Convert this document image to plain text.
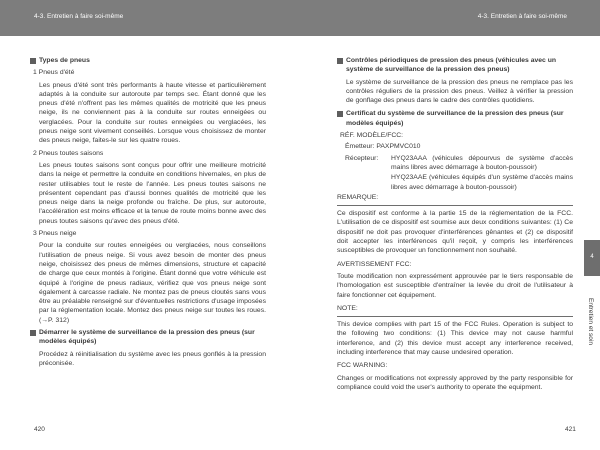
4-3. Entretien à faire soi-même	4-3. Entretien à faire soi-même
Types de pneus
1 Pneus d'été
Les pneus d'été sont très performants à haute vitesse et particulièrement adaptés à la conduite sur autoroute par temps sec. Étant donné que les pneus d'été n'offrent pas les mêmes qualités de motricité que les pneus neige, ils ne conviennent pas à la conduite sur routes enneigées ou verglacées. Pour la conduite sur routes enneigées ou verglacées, les pneus neige sont vivement conseillés. Lorsque vous choisissez de monter des pneus neige, faites-le sur les quatre roues.
2 Pneus toutes saisons
Les pneus toutes saisons sont conçus pour offrir une meilleure motricité dans la neige et permettre la conduite en conditions hivernales, en plus de rester utilisables tout le reste de l'année. Les pneus toutes saisons ne présentent cependant pas d'aussi bonnes qualités de motricité que les pneus neige dans la neige profonde ou fraîche. De plus, sur autoroute, l'accélération est moins efficace et la tenue de route moins bonne avec des pneus toutes saisons qu'avec des pneus d'été.
3 Pneus neige
Pour la conduite sur routes enneigées ou verglacées, nous conseillons l'utilisation de pneus neige. Si vous avez besoin de monter des pneus neige, choisissez des pneus de mêmes dimensions, structure et capacité de charge que ceux montés à l'origine. Étant donné que votre véhicule est équipé à l'origine de pneus radiaux, vérifiez que vos pneus neige sont également à carcasse radiale. Ne montez pas de pneus cloutés sans vous être au préalable renseigné sur d'éventuelles restrictions d'usage imposées par la réglementation locale. Montez des pneus neige sur toutes les roues. (→P. 312)
Démarrer le système de surveillance de la pression des pneus (sur modèles équipés)
Procédez à réinitialisation du système avec les pneus gonflés à la pression préconisée.
Contrôles périodiques de pression des pneus (véhicules avec un système de surveillance de la pression des pneus)
Le système de surveillance de la pression des pneus ne remplace pas les contrôles réguliers de la pression des pneus. Veillez à vérifier la pression de gonflage des pneus dans le cadre des contrôles quotidiens.
Certificat du système de surveillance de la pression des pneus (sur modèles équipés)
RÉF. MODÈLE/FCC:
Émetteur: PAXPMVC010
Récepteur:	HYQ23AAA (véhicules dépourvus de système d'accès mains libres avec démarrage à bouton-poussoir)
HYQ23AAE (véhicules équipés d'un système d'accès mains libres avec démarrage à bouton-poussoir)
REMARQUE:
Ce dispositif est conforme à la partie 15 de la réglementation de la FCC. L'utilisation de ce dispositif est soumise aux deux conditions suivantes: (1) Ce dispositif ne doit pas provoquer d'interférences gênantes et (2) ce dispositif doit accepter les interférences qu'il reçoit, y compris les interférences susceptibles de provoquer un fonctionnement non souhaité.
AVERTISSEMENT FCC:
Toute modification non expressément approuvée par le tiers responsable de l'homologation est susceptible d'entraîner la levée du droit de l'utilisateur à faire fonctionner cet équipement.
NOTE:
This device complies with part 15 of the FCC Rules. Operation is subject to the following two conditions: (1) This device may not cause harmful interference, and (2) this device must accept any interference received, including interference that may cause undesired operation.
FCC WARNING:
Changes or modifications not expressly approved by the party responsible for compliance could void the user's authority to operate the equipment.
4
Entretien et soin
420	421
